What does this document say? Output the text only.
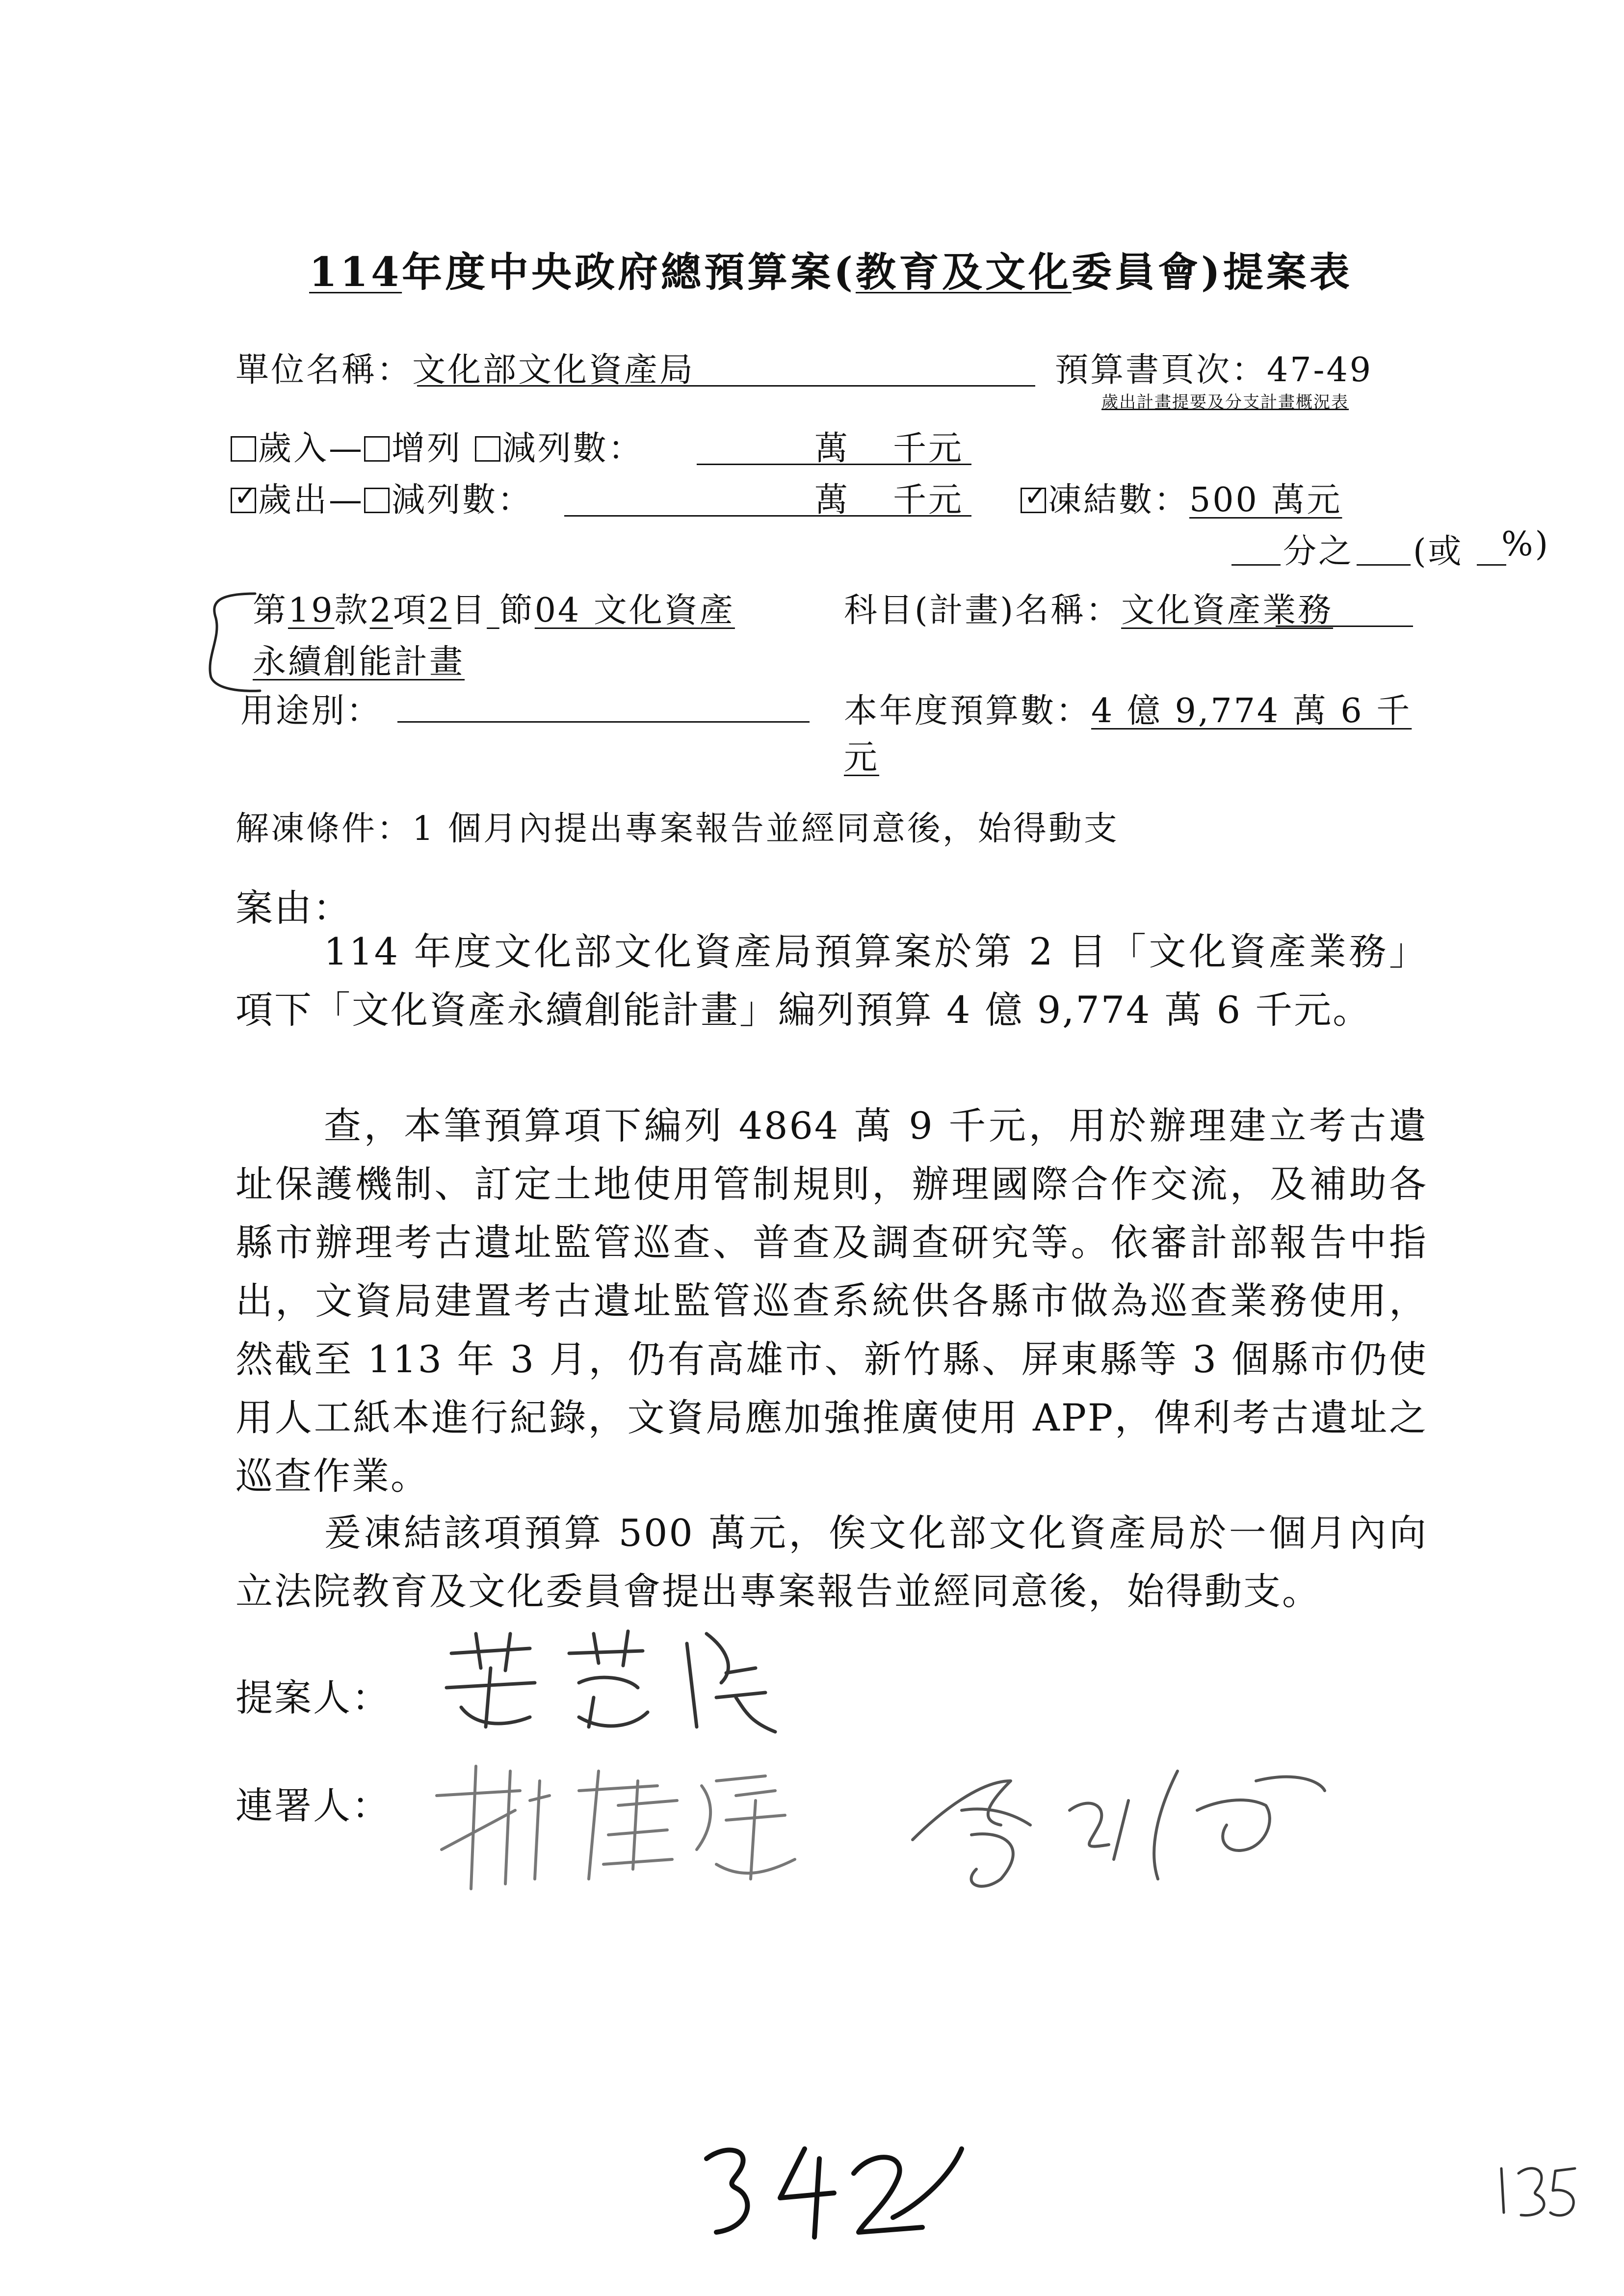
114年度中央政府總預算案(教育及文化委員會)提案表
單位名稱：文化部文化資產局	預算書頁次：47-49
歲出計畫提要及分支計畫概況表
歲入— 增列 減列數：	萬 千元
✓歲出— 減列數：	萬 千元
✓	凍結數：500 萬元
分之 (或 %)
第19款2項2目 節04 文化資產
永續創能計畫
科目(計畫)名稱：文化資產業務
用途別：	本年度預算數：4 億 9,774 萬 6 千
元
解凍條件：1 個月內提出專案報告並經同意後，始得動支
案由：
114 年度文化部文化資產局預算案於第 2 目「文化資產業務」項下「文化資產永續創能計畫」編列預算 4 億 9,774 萬 6 千元。
查，本筆預算項下編列 4864 萬 9 千元，用於辦理建立考古遺址保護機制、訂定土地使用管制規則，辦理國際合作交流，及補助各縣市辦理考古遺址監管巡查、普查及調查研究等。依審計部報告中指出，文資局建置考古遺址監管巡查系統供各縣市做為巡查業務使用，然截至 113 年 3 月，仍有高雄市、新竹縣、屏東縣等 3 個縣市仍使用人工紙本進行紀錄，文資局應加強推廣使用 APP，俾利考古遺址之巡查作業。
爰凍結該項預算 500 萬元，俟文化部文化資產局於一個月內向立法院教育及文化委員會提出專案報告並經同意後，始得動支。
提案人：
連署人：
